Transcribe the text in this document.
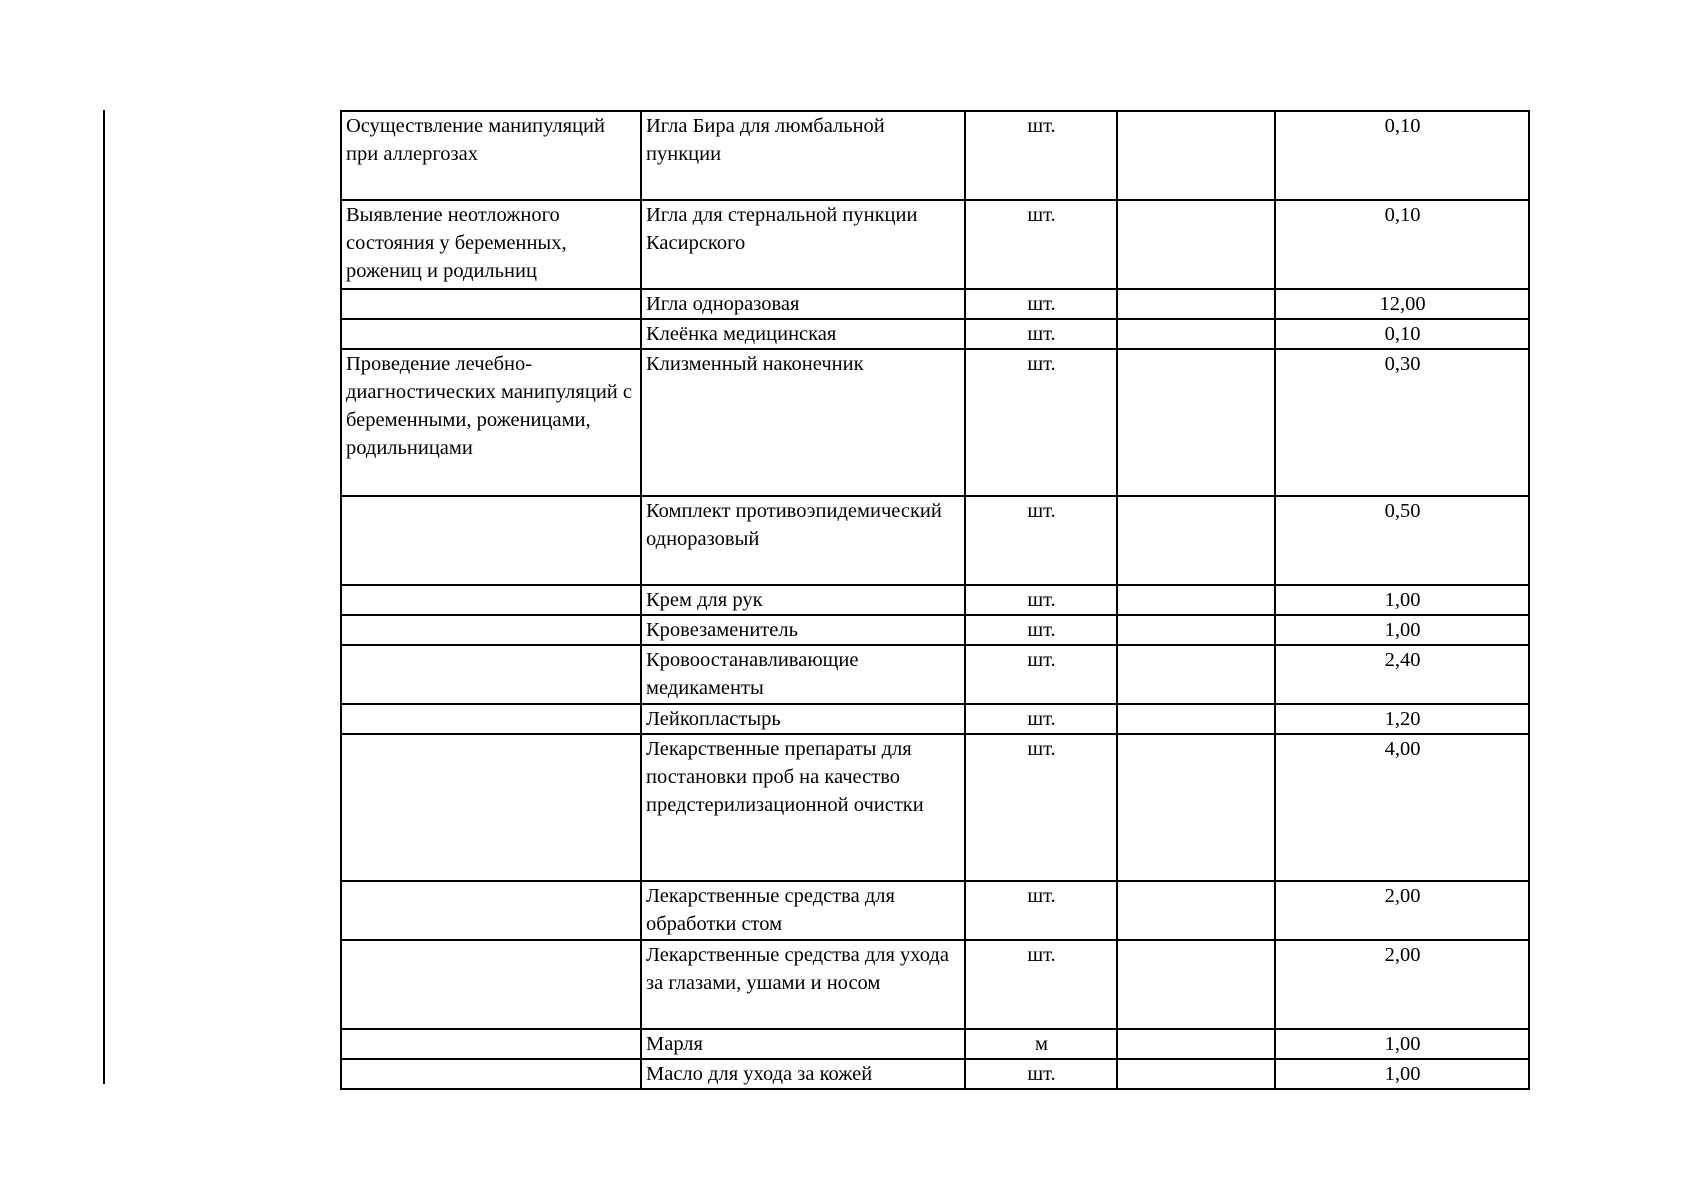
Осуществление манипуляций при аллергозах	Игла Бира для люмбальной пункции	шт.		0,10
Выявление неотложного состояния у беременных, рожениц и родильниц	Игла для стернальной пункции Касирского	шт.		0,10
	Игла одноразовая	шт.		12,00
	Клеёнка медицинская	шт.		0,10
Проведение лечебно-диагностических манипуляций с беременными, роженицами, родильницами	Клизменный наконечник	шт.		0,30
	Комплект противоэпидемический одноразовый	шт.		0,50
	Крем для рук	шт.		1,00
	Кровезаменитель	шт.		1,00
	Кровоостанавливающие медикаменты	шт.		2,40
	Лейкопластырь	шт.		1,20
	Лекарственные препараты для постановки проб на качество предстерилизационной очистки	шт.		4,00
	Лекарственные средства для обработки стом	шт.		2,00
	Лекарственные средства для ухода за глазами, ушами и носом	шт.		2,00
	Марля	м		1,00
	Масло для ухода за кожей	шт.		1,00
